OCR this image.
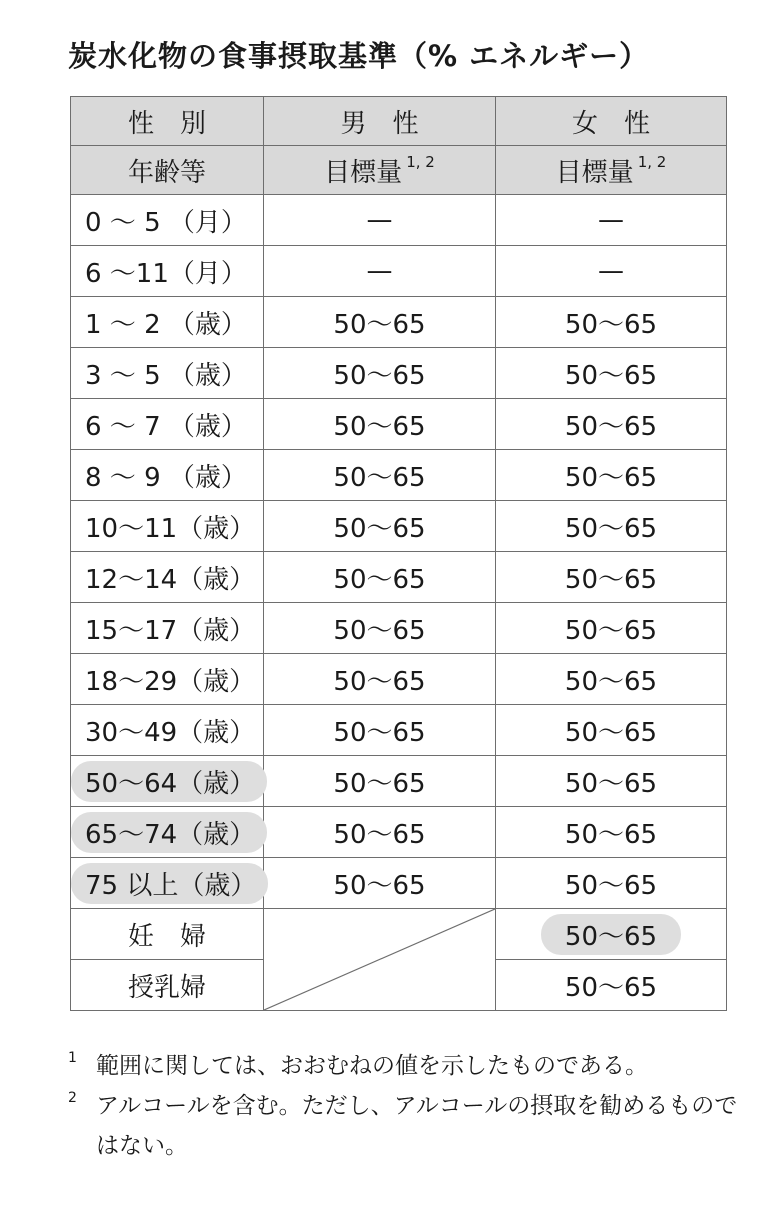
炭水化物の食事摂取基準（% エネルギー）
性　別	男　性	女　性
年齢等	目標量 $^{1, 2}$	目標量 $^{1, 2}$
0 ～ 5 （月）	—	—
6 ～11（月）	—	—
1 ～ 2 （歳）	50～65	50～65
3 ～ 5 （歳）	50～65	50～65
6 ～ 7 （歳）	50～65	50～65
8 ～ 9 （歳）	50～65	50～65
10～11（歳）	50～65	50～65
12～14（歳）	50～65	50～65
15～17（歳）	50～65	50～65
18～29（歳）	50～65	50～65
30～49（歳）	50～65	50～65
50～64（歳）	50～65	50～65
65～74（歳）	50～65	50～65
75 以上（歳）	50～65	50～65
妊　婦		50～65
授乳婦		50～65
1 範囲に関しては、おおむねの値を示したものである。
2 アルコールを含む。ただし、アルコールの摂取を勧めるものではない。
